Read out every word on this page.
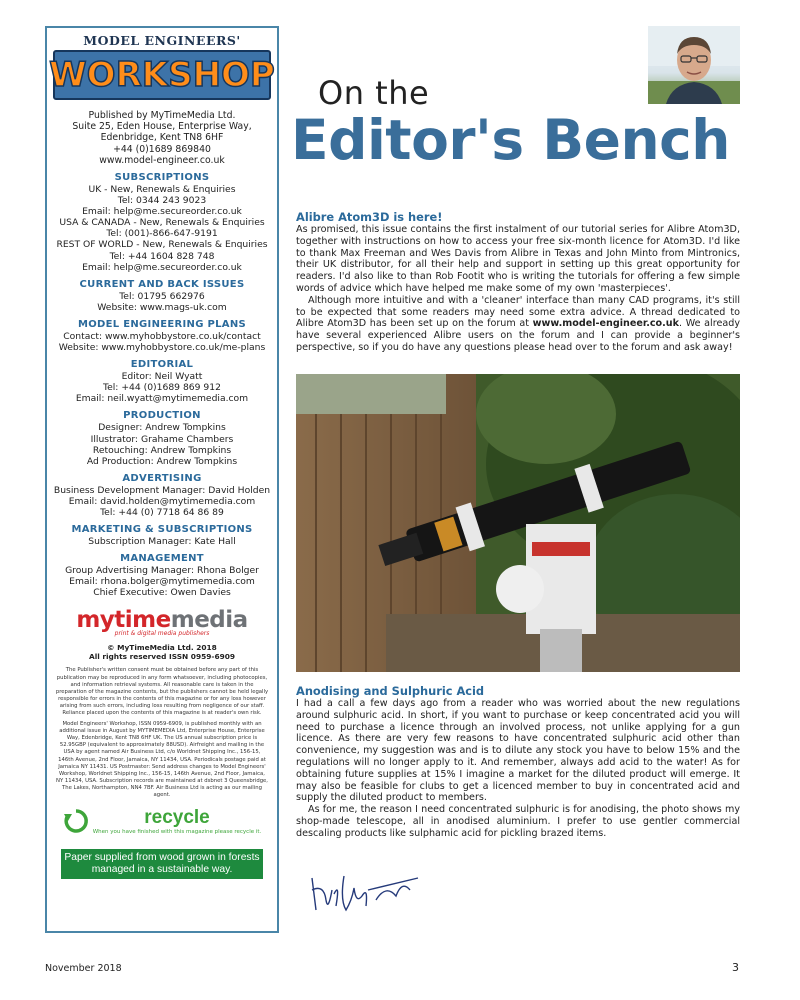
MODEL ENGINEERS'
WORKSHOP
Published by MyTimeMedia Ltd.
Suite 25, Eden House, Enterprise Way,
Edenbridge, Kent TN8 6HF
+44 (0)1689 869840
www.model-engineer.co.uk
SUBSCRIPTIONS
UK - New, Renewals & Enquiries
Tel: 0344 243 9023
Email: help@me.secureorder.co.uk
USA & CANADA - New, Renewals & Enquiries
Tel: (001)-866-647-9191
REST OF WORLD - New, Renewals & Enquiries
Tel: +44 1604 828 748
Email: help@me.secureorder.co.uk
CURRENT AND BACK ISSUES
Tel: 01795 662976
Website: www.mags-uk.com
MODEL ENGINEERING PLANS
Contact: www.myhobbystore.co.uk/contact
Website: www.myhobbystore.co.uk/me-plans
EDITORIAL
Editor: Neil Wyatt
Tel: +44 (0)1689 869 912
Email: neil.wyatt@mytimemedia.com
PRODUCTION
Designer: Andrew Tompkins
Illustrator: Grahame Chambers
Retouching: Andrew Tompkins
Ad Production: Andrew Tompkins
ADVERTISING
Business Development Manager: David Holden
Email: david.holden@mytimemedia.com
Tel: +44 (0) 7718 64 86 89
MARKETING & SUBSCRIPTIONS
Subscription Manager: Kate Hall
MANAGEMENT
Group Advertising Manager: Rhona Bolger
Email: rhona.bolger@mytimemedia.com
Chief Executive: Owen Davies
mytimemedia
print & digital media publishers
© MyTimeMedia Ltd. 2018
All rights reserved ISSN 0959-6909

The Publisher's written consent must be obtained before any part of this publication may be reproduced in any form whatsoever, including photocopies, and information retrieval systems. All reasonable care is taken in the preparation of the magazine contents, but the publishers cannot be held legally responsible for errors in the contents of this magazine or for any loss however arising from such errors, including loss resulting from negligence of our staff. Reliance placed upon the contents of this magazine is at reader's own risk.

Model Engineers' Workshop, ISSN 0959-6909, is published monthly with an additional issue in August by MYTIMEMEDIA Ltd, Enterprise House, Enterprise Way, Edenbridge, Kent TN8 6HF UK. The US annual subscription price is 52.95GBP (equivalent to approximately 88USD). Airfreight and mailing in the USA by agent named Air Business Ltd, c/o Worldnet Shipping Inc., 156-15, 146th Avenue, 2nd Floor, Jamaica, NY 11434, USA. Periodicals postage paid at Jamaica NY 11431. US Postmaster: Send address changes to Model Engineers' Workshop, Worldnet Shipping Inc., 156-15, 146th Avenue, 2nd Floor, Jamaica, NY 11434, USA. Subscription records are maintained at dsbnet 3 Queensbridge, The Lakes, Northampton, NN4 7BF. Air Business Ltd is acting as our mailing agent.

recycle
When you have finished with this magazine please recycle it.
Paper supplied from wood grown in forests managed in a sustainable way.
On the
Editor's Bench
Alibre Atom3D is here!

As promised, this issue contains the first instalment of our tutorial series for Alibre Atom3D, together with instructions on how to access your free six-month licence for Atom3D. I'd like to thank Max Freeman and Wes Davis from Alibre in Texas and John Minto from Mintronics, their UK distributor, for all their help and support in setting up this great opportunity for readers. I'd also like to than Rob Footit who is writing the tutorials for offering a few simple words of advice which have helped me make some of my own 'masterpieces'.

Although more intuitive and with a 'cleaner' interface than many CAD programs, it's still to be expected that some readers may need some extra advice. A thread dedicated to Alibre Atom3D has been set up on the forum at www.model-engineer.co.uk. We already have several experienced Alibre users on the forum and I can provide a beginner's perspective, so if you do have any questions please head over to the forum and ask away!

Anodising and Sulphuric Acid

I had a call a few days ago from a reader who was worried about the new regulations around sulphuric acid. In short, if you want to purchase or keep concentrated acid you will need to purchase a licence through an involved process, not unlike applying for a gun licence. As there are very few reasons to have concentrated sulphuric acid other than convenience, my suggestion was and is to dilute any stock you have to below 15% and the regulations will no longer apply to it. And remember, always add acid to the water! As for obtaining future supplies at 15% I imagine a market for the diluted product will emerge. It may also be feasible for clubs to get a licenced member to buy in concentrated acid and supply the diluted product to members.

As for me, the reason I need concentrated sulphuric is for anodising, the photo shows my shop-made telescope, all in anodised aluminium. I prefer to use gentler commercial descaling products like sulphamic acid for pickling brazed items.

November 2018	3
